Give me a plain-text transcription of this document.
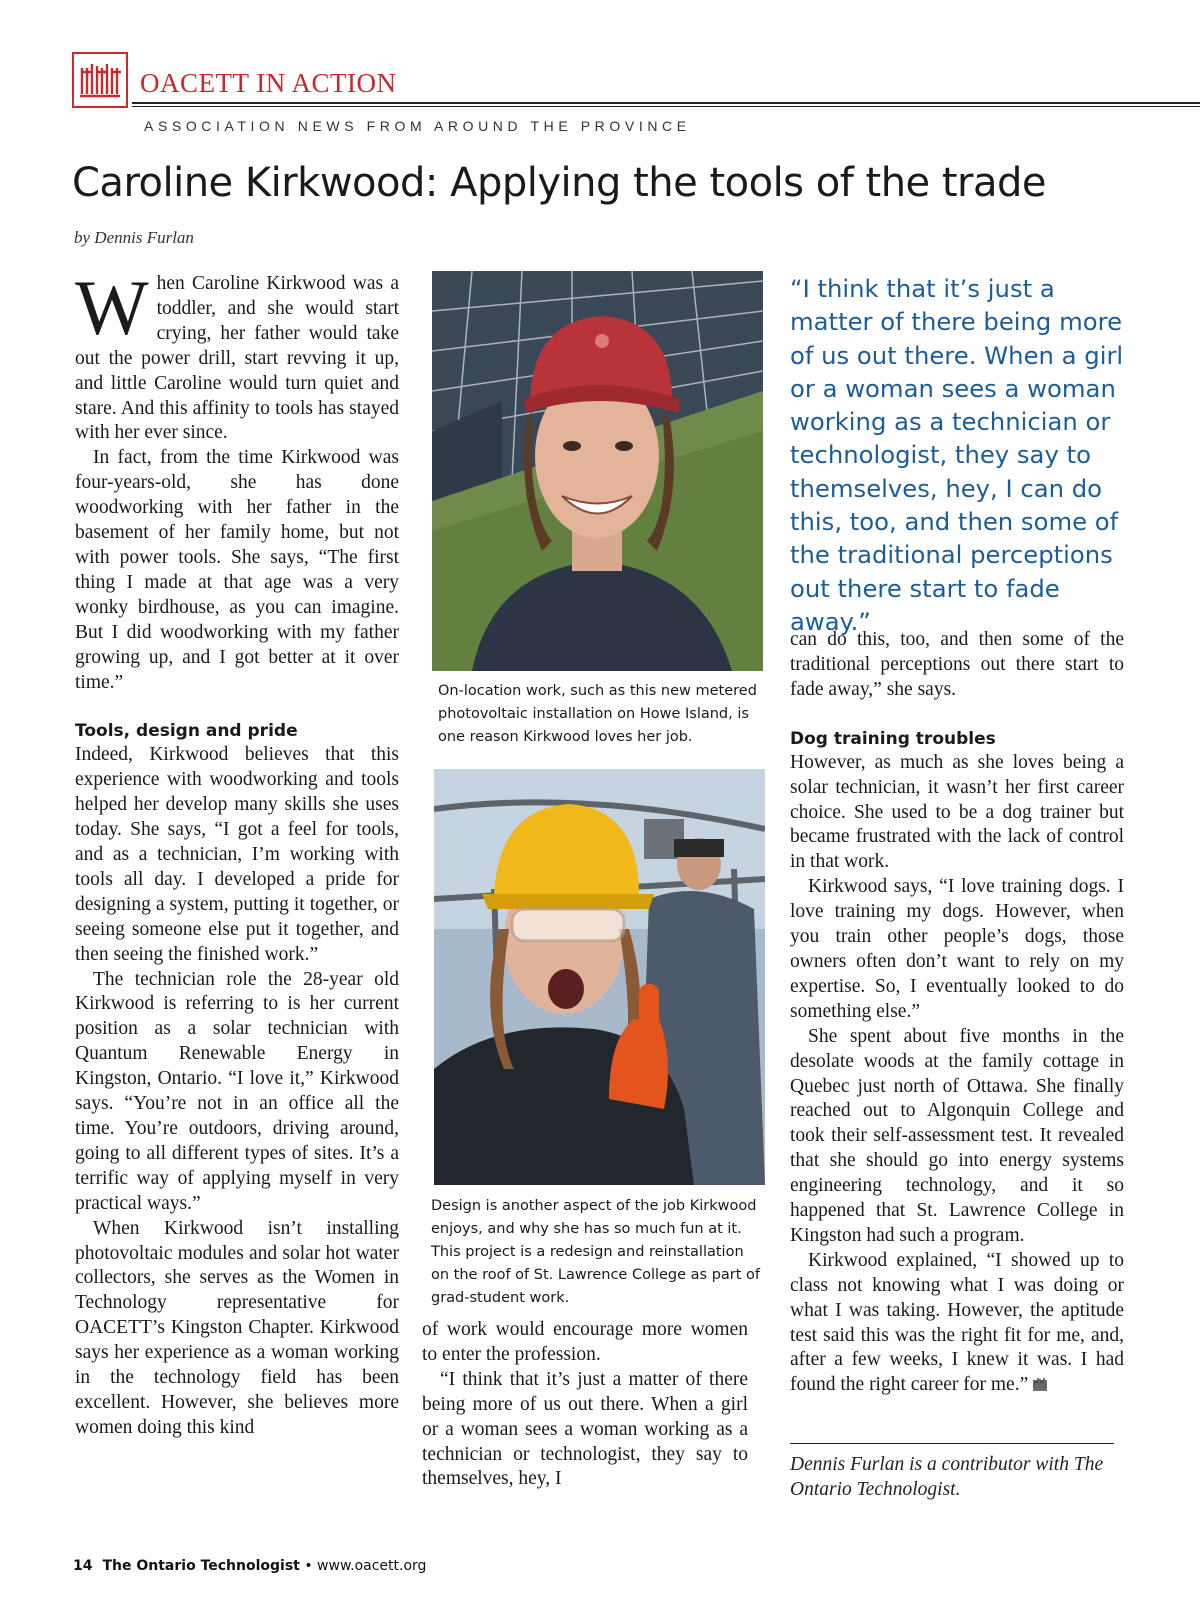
OACETT IN ACTION
ASSOCIATION NEWS FROM AROUND THE PROVINCE
Caroline Kirkwood: Applying the tools of the trade
by Dennis Furlan

When Caroline Kirkwood was a toddler, and she would start crying, her father would take out the power drill, start revving it up, and little Caroline would turn quiet and stare. And this affinity to tools has stayed with her ever since.

In fact, from the time Kirkwood was four-years-old, she has done woodworking with her father in the basement of her family home, but not with power tools. She says, “The first thing I made at that age was a very wonky birdhouse, as you can imagine. But I did woodworking with my father growing up, and I got better at it over time.”

Tools, design and pride

Indeed, Kirkwood believes that this experience with woodworking and tools helped her develop many skills she uses today. She says, “I got a feel for tools, and as a technician, I’m working with tools all day. I developed a pride for designing a system, putting it together, or seeing someone else put it together, and then seeing the finished work.”

The technician role the 28-year old Kirkwood is referring to is her current position as a solar technician with Quantum Renewable Energy in Kingston, Ontario. “I love it,” Kirkwood says. “You’re not in an office all the time. You’re outdoors, driving around, going to all different types of sites. It’s a terrific way of applying myself in very practical ways.”

When Kirkwood isn’t installing photovoltaic modules and solar hot water collectors, she serves as the Women in Technology representative for OACETT’s Kingston Chapter. Kirkwood says her experience as a woman working in the technology field has been excellent. However, she believes more women doing this kind

On-location work, such as this new metered photovoltaic installation on Howe Island, is one reason Kirkwood loves her job.
Design is another aspect of the job Kirkwood enjoys, and why she has so much fun at it. This project is a redesign and reinstallation on the roof of St. Lawrence College as part of grad-student work.

of work would encourage more women to enter the profession.

“I think that it’s just a matter of there being more of us out there. When a girl or a woman sees a woman working as a technician or technologist, they say to themselves, hey, I

“I think that it’s just a matter of there being more of us out there. When a girl or a woman sees a woman working as a technician or technologist, they say to themselves, hey, I can do this, too, and then some of the traditional perceptions out there start to fade away.”

can do this, too, and then some of the traditional perceptions out there start to fade away,” she says.

Dog training troubles

However, as much as she loves being a solar technician, it wasn’t her first career choice. She used to be a dog trainer but became frustrated with the lack of control in that work.

Kirkwood says, “I love training dogs. I love training my dogs. However, when you train other people’s dogs, those owners often don’t want to rely on my expertise. So, I eventually looked to do something else.”

She spent about five months in the desolate woods at the family cottage in Quebec just north of Ottawa. She finally reached out to Algonquin College and took their self-assessment test. It revealed that she should go into energy systems engineering technology, and it so happened that St. Lawrence College in Kingston had such a program.

Kirkwood explained, “I showed up to class not knowing what I was doing or what I was taking. However, the aptitude test said this was the right fit for me, and, after a few weeks, I knew it was. I had found the right career for me.”

Dennis Furlan is a contributor with The Ontario Technologist.
14 The Ontario Technologist • www.oacett.org
